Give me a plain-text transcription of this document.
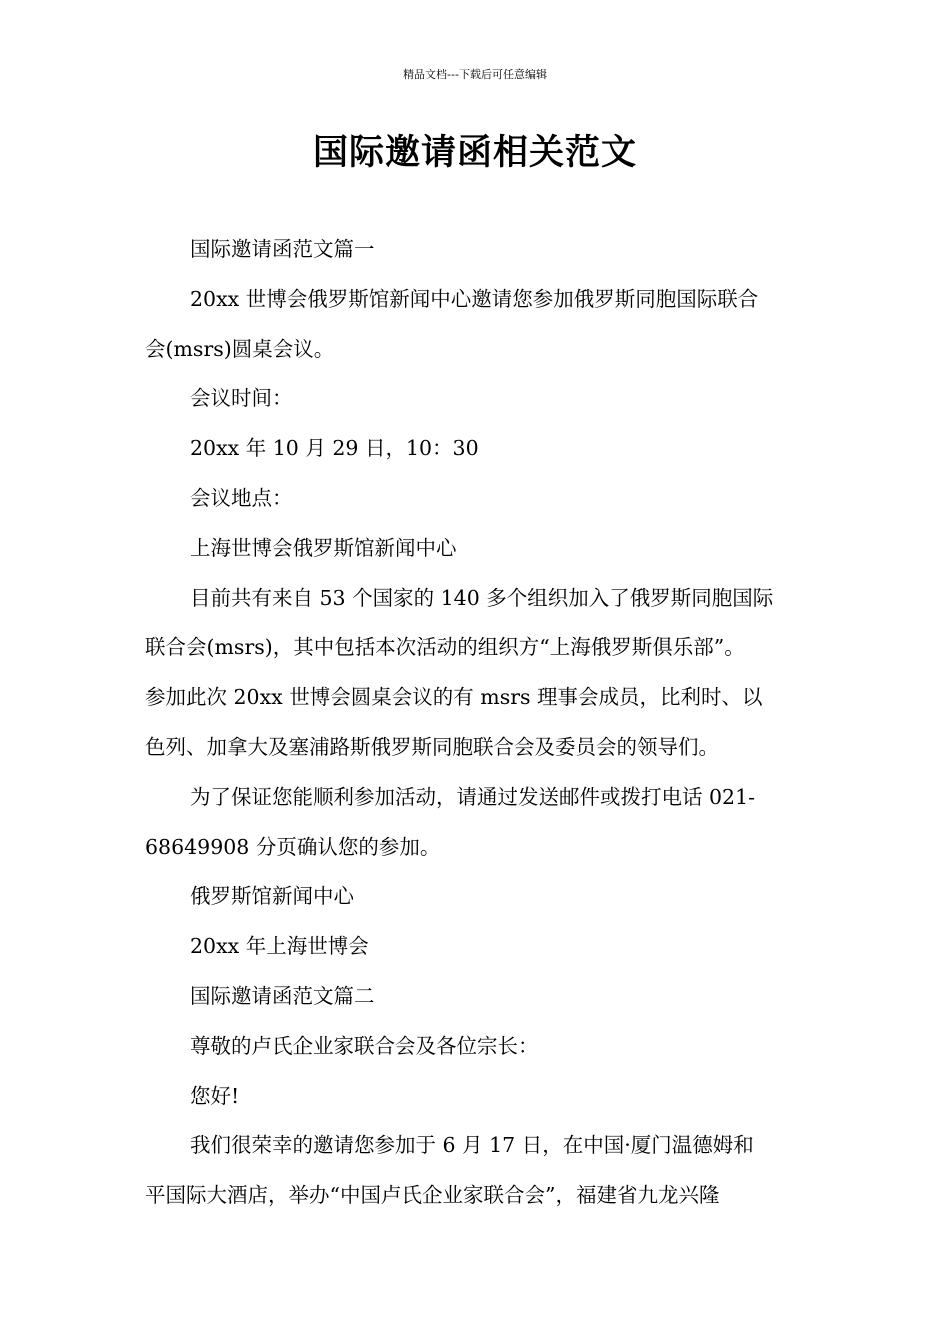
精品文档---下载后可任意编辑
国际邀请函相关范文
国际邀请函范文篇一
20xx 世博会俄罗斯馆新闻中心邀请您参加俄罗斯同胞国际联合
会(msrs)圆桌会议。
会议时间：
20xx 年 10 月 29 日，10：30
会议地点：
上海世博会俄罗斯馆新闻中心
目前共有来自 53 个国家的 140 多个组织加入了俄罗斯同胞国际
联合会(msrs)，其中包括本次活动的组织方“上海俄罗斯俱乐部”。
参加此次 20xx 世博会圆桌会议的有 msrs 理事会成员，比利时、以
色列、加拿大及塞浦路斯俄罗斯同胞联合会及委员会的领导们。
为了保证您能顺利参加活动，请通过发送邮件或拨打电话 021-
68649908 分页确认您的参加。
俄罗斯馆新闻中心
20xx 年上海世博会
国际邀请函范文篇二
尊敬的卢氏企业家联合会及各位宗长：
您好!
我们很荣幸的邀请您参加于 6 月 17 日，在中国·厦门温德姆和
平国际大酒店，举办“中国卢氏企业家联合会”，福建省九龙兴隆
